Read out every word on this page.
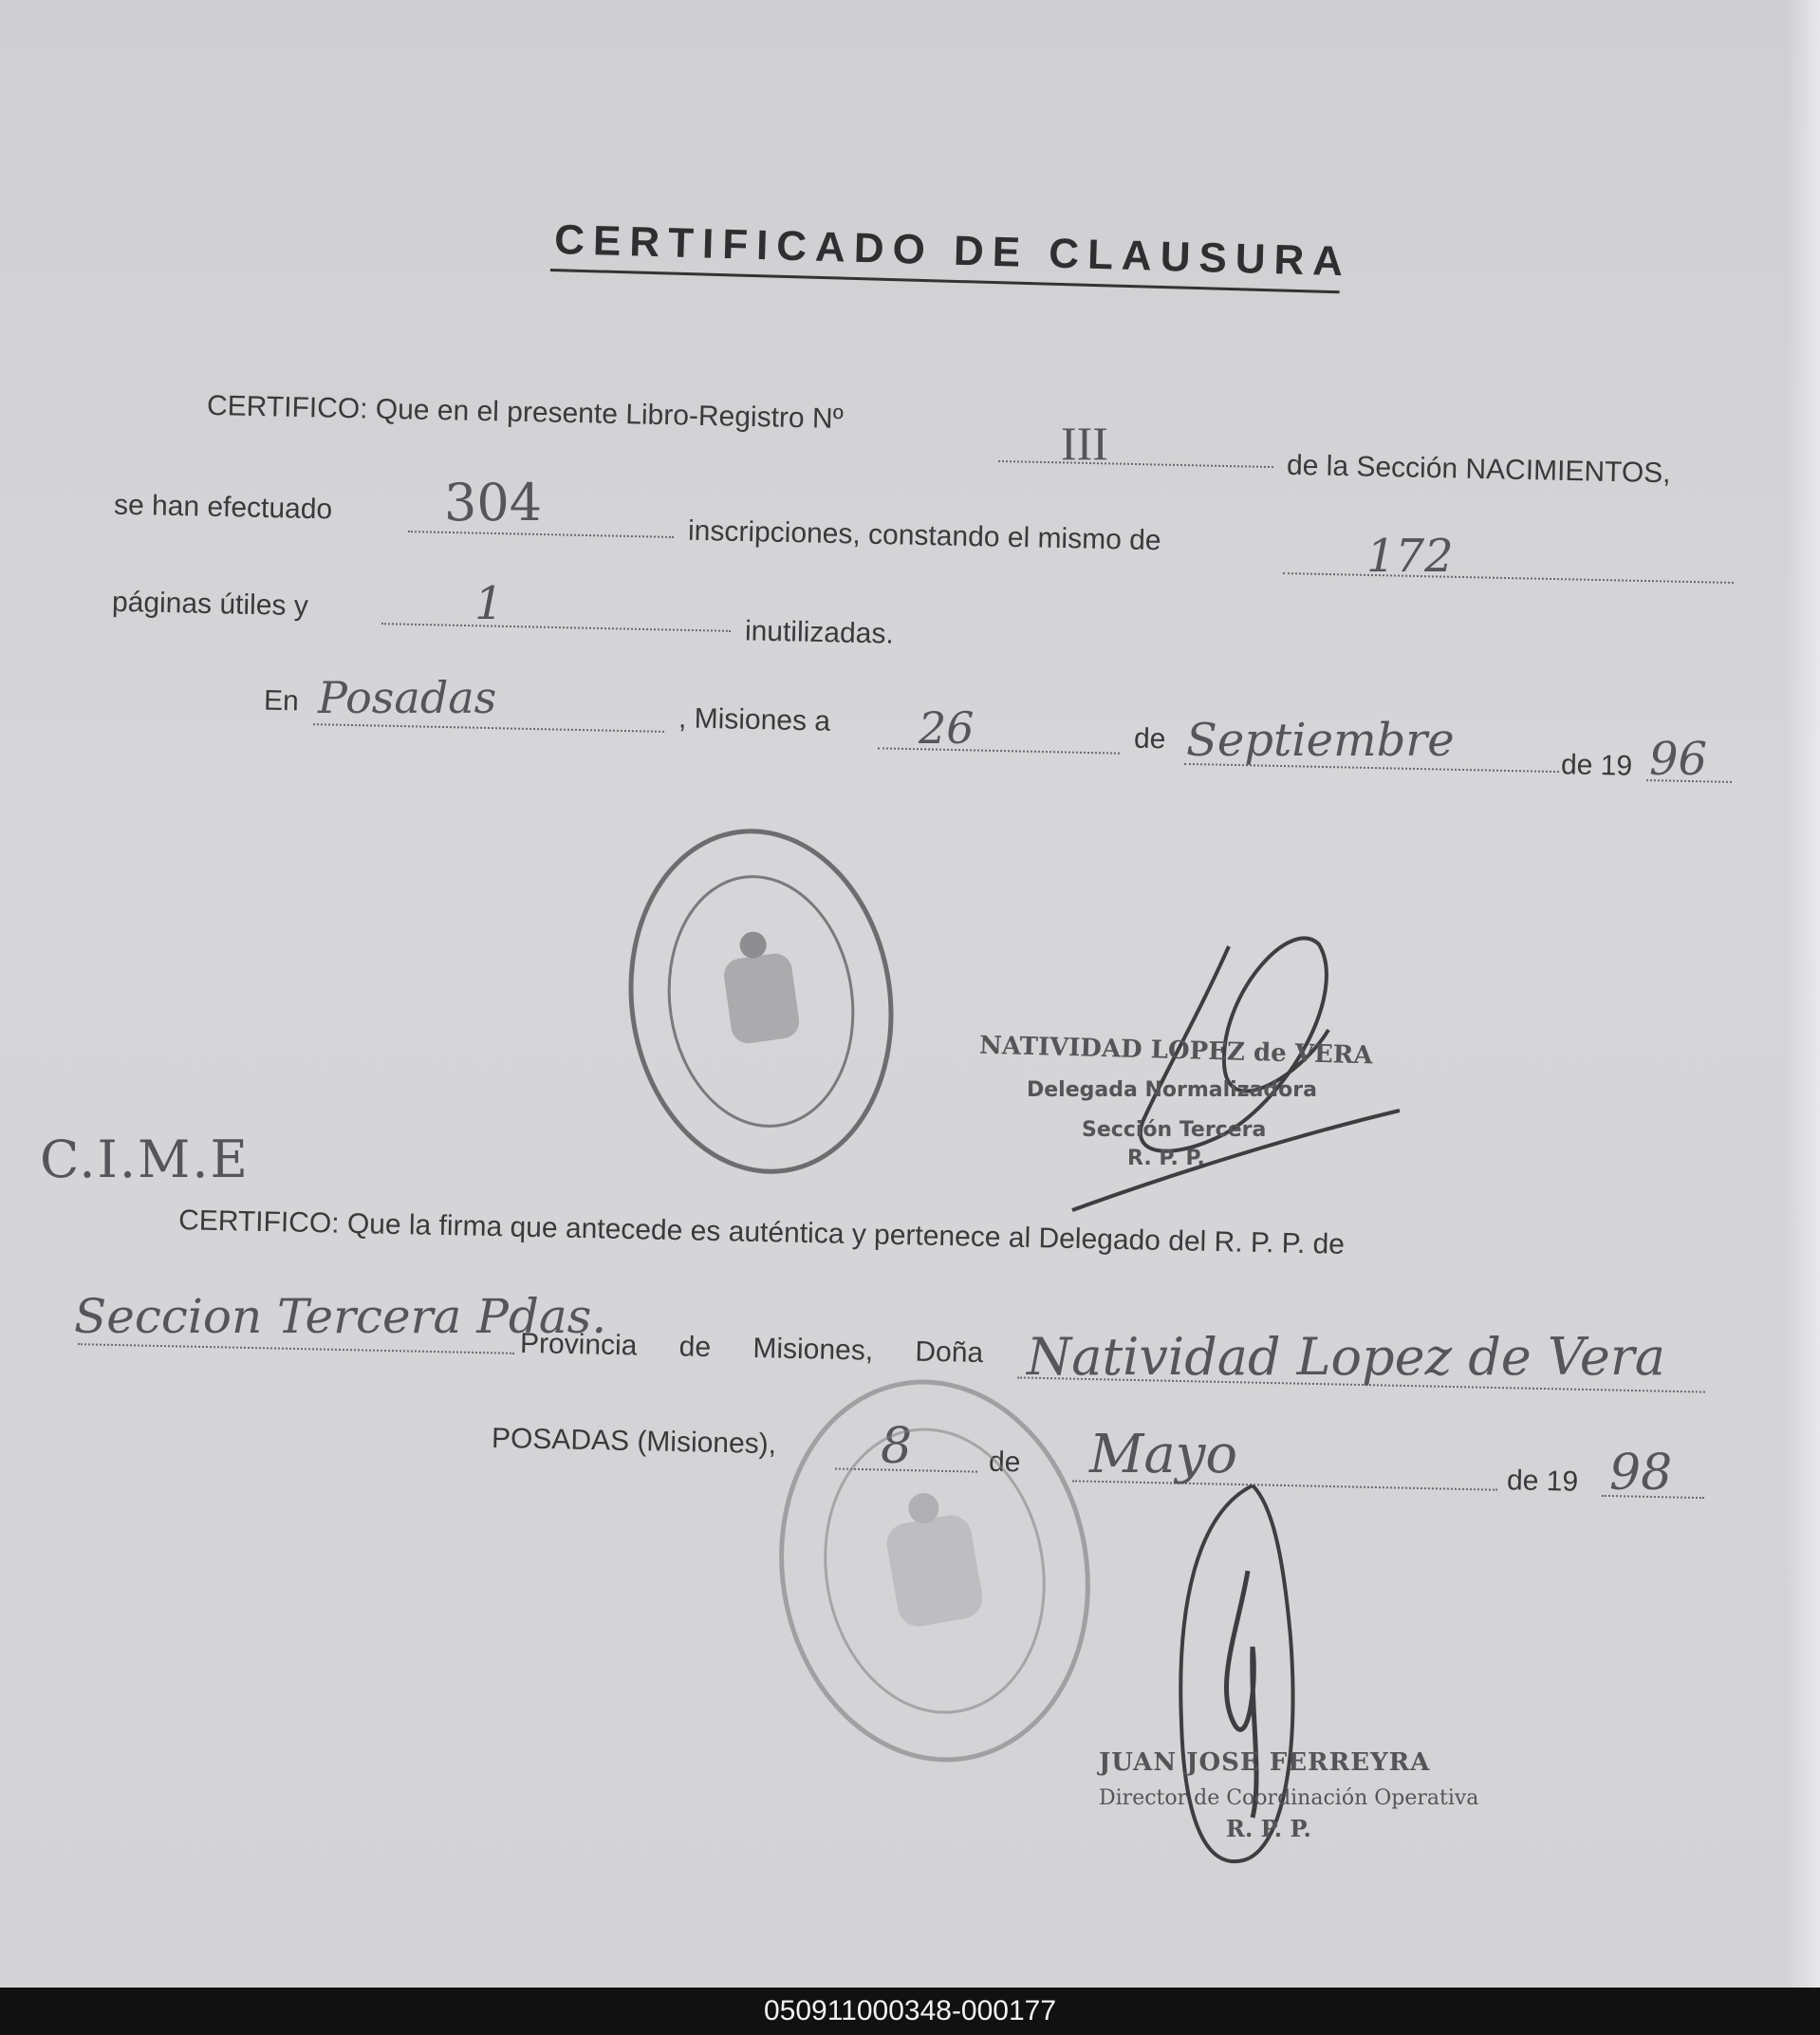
CERTIFICADO DE CLAUSURA
CERTIFICO: Que en el presente Libro-Registro Nº
III	de la Sección NACIMIENTOS,
se han efectuado 304
inscripciones, constando el mismo de	172
páginas útiles y	1
inutilizadas.
En Posadas	, Misiones a 26	de Septiembre	de 19 96
NATIVIDAD LOPEZ de VERA
Delegada Normalizadora
Sección Tercera
R. P. P.
C.I.M.E
CERTIFICO: Que la firma que antecede es auténtica y pertenece al Delegado del R. P. P. de
Seccion Tercera Pdas.
Provincia de Misiones, Doña Natividad Lopez de Vera
POSADAS (Misiones), 8	de Mayo	de 19 98
JUAN JOSE FERREYRA
Director de Coordinación Operativa
R. P. P.
050911000348-000177
